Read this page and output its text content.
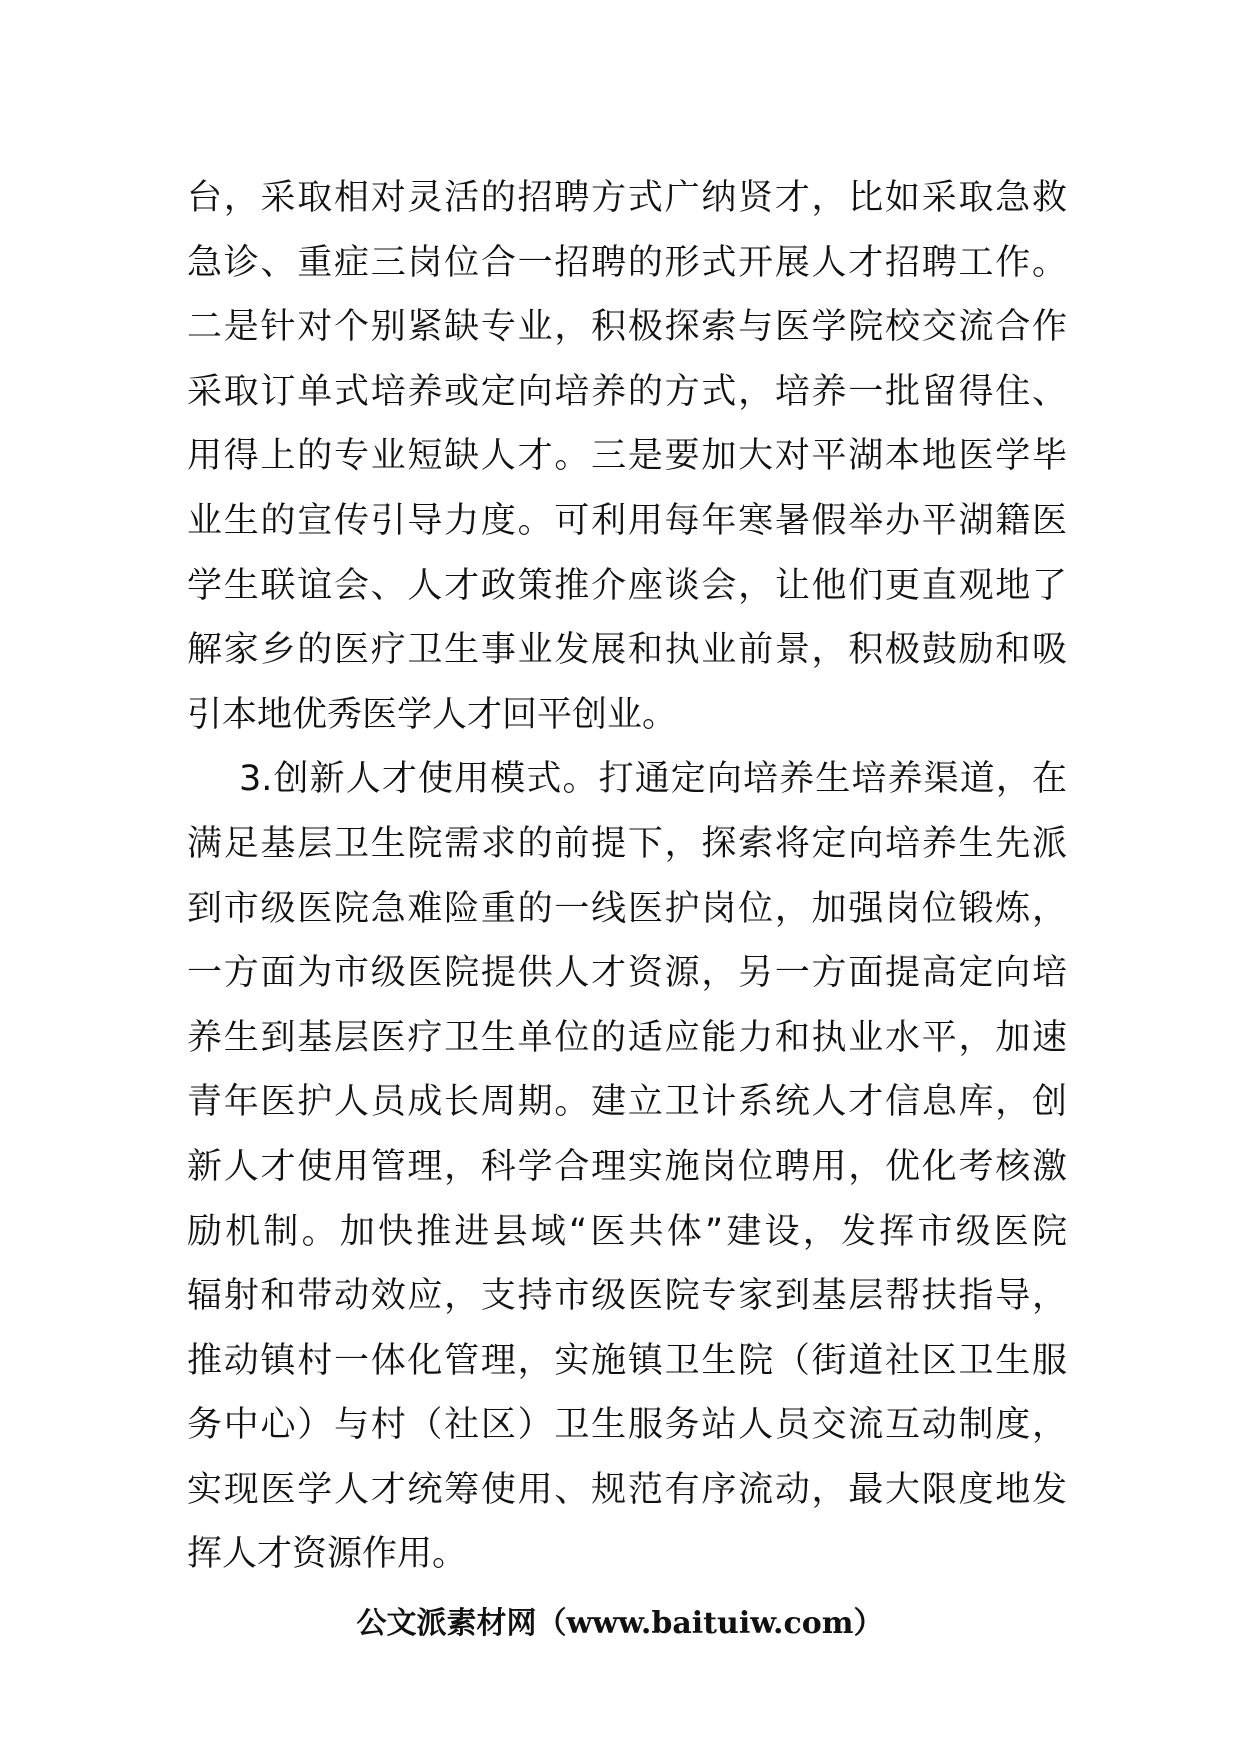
台，采取相对灵活的招聘方式广纳贤才，比如采取急救
急诊、重症三岗位合一招聘的形式开展人才招聘工作。
二是针对个别紧缺专业，积极探索与医学院校交流合作
采取订单式培养或定向培养的方式，培养一批留得住、
用得上的专业短缺人才。三是要加大对平湖本地医学毕
业生的宣传引导力度。可利用每年寒暑假举办平湖籍医
学生联谊会、人才政策推介座谈会，让他们更直观地了
解家乡的医疗卫生事业发展和执业前景，积极鼓励和吸
引本地优秀医学人才回平创业。
3.创新人才使用模式。打通定向培养生培养渠道，在
满足基层卫生院需求的前提下，探索将定向培养生先派
到市级医院急难险重的一线医护岗位，加强岗位锻炼，
一方面为市级医院提供人才资源，另一方面提高定向培
养生到基层医疗卫生单位的适应能力和执业水平，加速
青年医护人员成长周期。建立卫计系统人才信息库，创
新人才使用管理，科学合理实施岗位聘用，优化考核激
励机制。加快推进县域“医共体”建设，发挥市级医院
辐射和带动效应，支持市级医院专家到基层帮扶指导，
推动镇村一体化管理，实施镇卫生院（街道社区卫生服
务中心）与村（社区）卫生服务站人员交流互动制度，
实现医学人才统筹使用、规范有序流动，最大限度地发
挥人才资源作用。
公文派素材网（www.baituiw.com）
